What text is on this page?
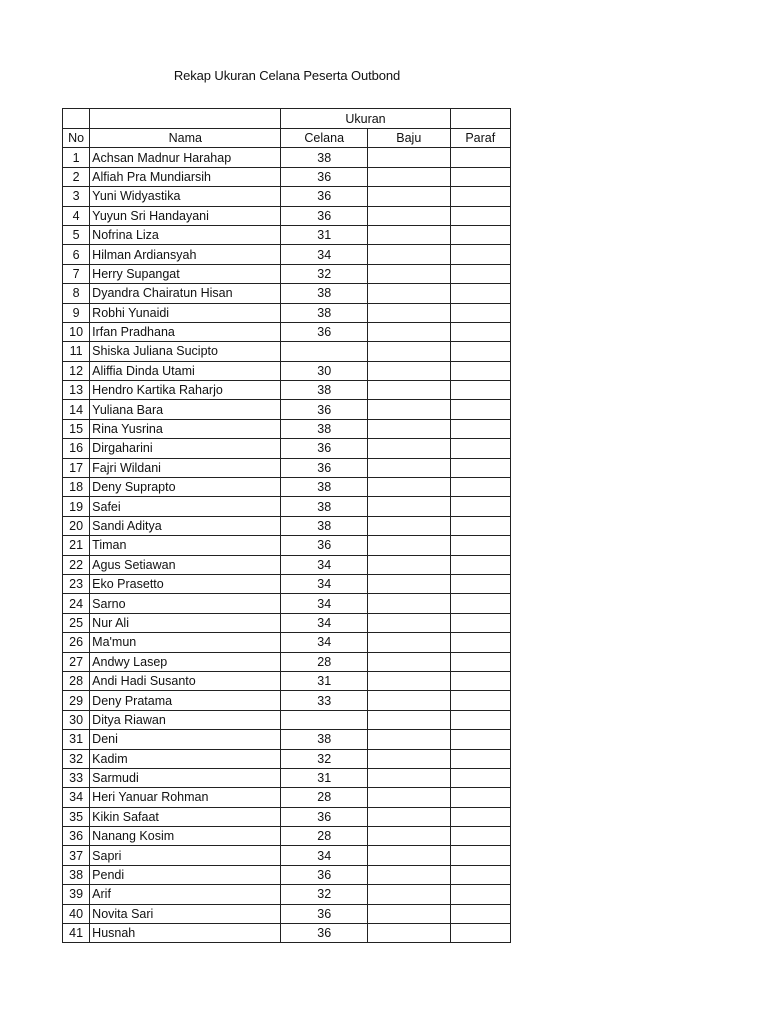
Rekap Ukuran Celana Peserta Outbond
		Ukuran		
No	Nama	Celana	Baju	Paraf
1	Achsan Madnur Harahap	38		
2	Alfiah Pra Mundiarsih	36		
3	Yuni Widyastika	36		
4	Yuyun Sri Handayani	36		
5	Nofrina Liza	31		
6	Hilman Ardiansyah	34		
7	Herry Supangat	32		
8	Dyandra Chairatun Hisan	38		
9	Robhi Yunaidi	38		
10	Irfan Pradhana	36		
11	Shiska Juliana Sucipto			
12	Aliffia Dinda Utami	30		
13	Hendro Kartika Raharjo	38		
14	Yuliana Bara	36		
15	Rina Yusrina	38		
16	Dirgaharini	36		
17	Fajri Wildani	36		
18	Deny Suprapto	38		
19	Safei	38		
20	Sandi Aditya	38		
21	Timan	36		
22	Agus Setiawan	34		
23	Eko Prasetto	34		
24	Sarno	34		
25	Nur Ali	34		
26	Ma'mun	34		
27	Andwy Lasep	28		
28	Andi Hadi Susanto	31		
29	Deny Pratama	33		
30	Ditya Riawan			
31	Deni	38		
32	Kadim	32		
33	Sarmudi	31		
34	Heri Yanuar Rohman	28		
35	Kikin Safaat	36		
36	Nanang Kosim	28		
37	Sapri	34		
38	Pendi	36		
39	Arif	32		
40	Novita Sari	36		
41	Husnah	36		
